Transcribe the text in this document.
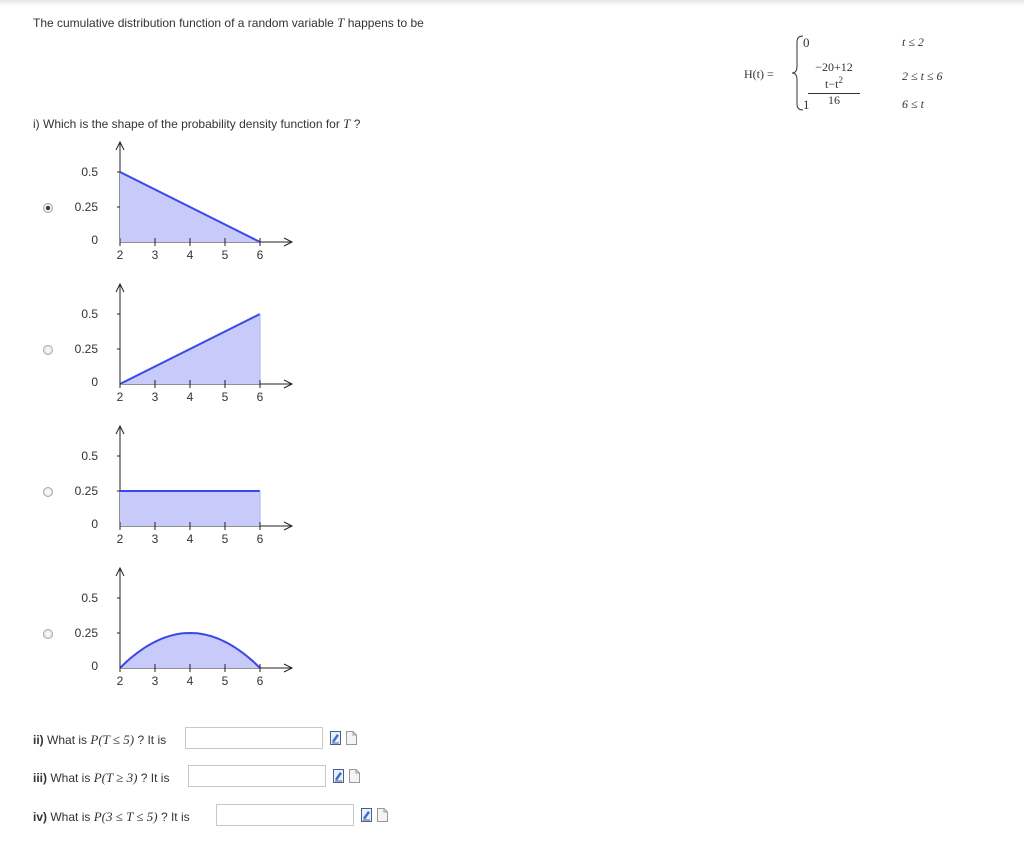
The cumulative distribution function of a random variable T happens to be
H(t) =
0
$\frac{-20+12 t-t^2}{16}$
1
t ≤ 2
2 ≤ t ≤ 6
6 ≤ t
i) Which is the shape of the probability density function for T ?
2 3 4 5 6
0
0.25
0.5
2 3 4 5 6
0
0.25
0.5
2 3 4 5 6
0
0.25
0.5
2 3 4 5 6
0
0.25
0.5
ii) What is P(T ≤ 5) ? It is
iii) What is P(T ≥ 3) ? It is
iv) What is P(3 ≤ T ≤ 5) ? It is
